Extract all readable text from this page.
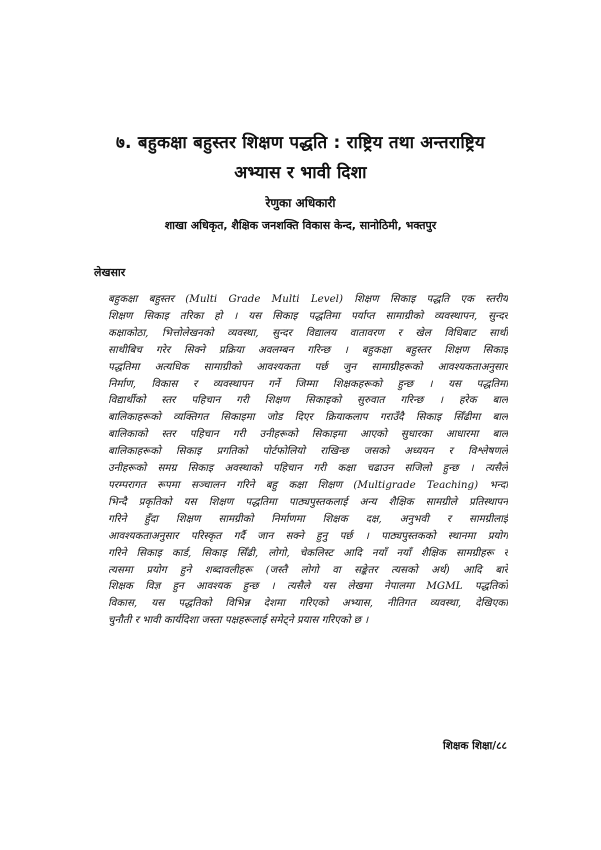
७. बहुकक्षा बहुस्तर शिक्षण पद्धति : राष्ट्रिय तथा अन्तराष्ट्रिय
अभ्यास र भावी दिशा
रेणुका अधिकारी
शाखा अधिकृत, शैक्षिक जनशक्ति विकास केन्द, सानोठिमी, भक्तपुर
लेखसार
बहुकक्षा बहुस्तर (Multi Grade Multi Level) शिक्षण सिकाइ पद्धति एक स्तरीय
शिक्षण सिकाइ तरिका हो । यस सिकाइ पद्धतिमा पर्याप्त सामाग्रीको व्यवस्थापन, सुन्दर
कक्षाकोठा, भित्तोलेखनको व्यवस्था, सुन्दर विद्यालय वातावरण र खेल विधिबाट साथी
साथीबिच गरेर सिक्ने प्रक्रिया अवलम्बन गरिन्छ । बहुकक्षा बहुस्तर शिक्षण सिकाइ
पद्धतिमा अत्यधिक सामाग्रीको आवश्यकता पर्छ जुन सामाग्रीहरूको आवश्यकताअनुसार
निर्माण, विकास र व्यवस्थापन गर्ने जिम्मा शिक्षकहरूको हुन्छ । यस पद्धतिमा
विद्यार्थीको स्तर पहिचान गरी शिक्षण सिकाइको सुरुवात गरिन्छ । हरेक बाल
बालिकाहरूको व्यक्तिगत सिकाइमा जोड दिएर क्रियाकलाप गराउँदै सिकाइ सिँढीमा बाल
बालिकाको स्तर पहिचान गरी उनीहरूको सिकाइमा आएको सुधारका आधारमा बाल
बालिकाहरूको सिकाइ प्रगतिको पोर्टफोलियो राखिन्छ जसको अध्ययन र विश्लेषणले
उनीहरूको समग्र सिकाइ अवस्थाको पहिचान गरी कक्षा चढाउन सजिलो हुन्छ । त्यसैले
परम्परागत रूपमा सञ्चालन गरिने बहु कक्षा शिक्षण (Multigrade Teaching) भन्दा
भिन्दै प्रकृतिको यस शिक्षण पद्धतिमा पाठ्यपुस्तकलाई अन्य शैक्षिक सामग्रीले प्रतिस्थापन
गरिने हुँदा शिक्षण सामग्रीको निर्माणमा शिक्षक दक्ष, अनुभवी र सामग्रीलाई
आवश्यकताअनुसार परिस्कृत गर्दै जान सक्ने हुनु पर्छ । पाठ्यपुस्तकको स्थानमा प्रयोग
गरिने सिकाइ कार्ड, सिकाइ सिँढी, लोगो, चेकलिस्ट आदि नयाँ नयाँ शैक्षिक सामग्रीहरू र
त्यसमा प्रयोग हुने शब्दावलीहरू (जस्तै लोगो वा सङ्केतर त्यसको अर्थ) आदि बारे
शिक्षक विज्ञ हुन आवश्यक हुन्छ । त्यसैले यस लेखमा नेपालमा MGML पद्धतिको
विकास, यस पद्धतिको विभिन्न देशमा गरिएको अभ्यास, नीतिगत व्यवस्था, देखिएका
चुनौती र भावी कार्यदिशा जस्ता पक्षहरूलाई समेट्ने प्रयास गरिएको छ ।
शिक्षक शिक्षा/८८
